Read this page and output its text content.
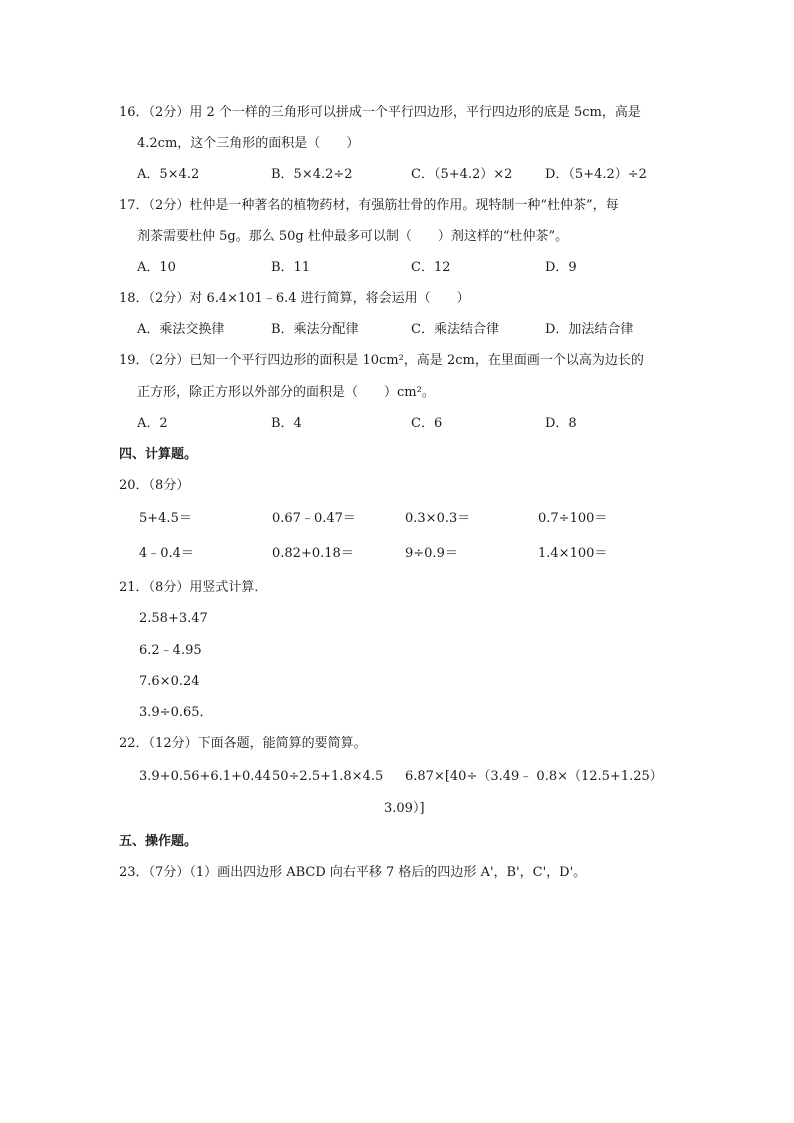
16．（2分）用 2 个一样的三角形可以拼成一个平行四边形，平行四边形的底是 5cm，高是
4.2cm，这个三角形的面积是（　　）
A．5×4.2	B．5×4.2÷2	C．（5+4.2）×2	D．（5+4.2）÷2
17．（2分）杜仲是一种著名的植物药材，有强筋壮骨的作用。现特制一种“杜仲茶”，每
剂茶需要杜仲 5g。那么 50g 杜仲最多可以制（　　）剂这样的“杜仲茶”。
A．10	B．11	C．12	D．9
18．（2分）对 6.4×101﹣6.4 进行简算，将会运用（　　）
A．乘法交换律	B．乘法分配律	C．乘法结合律	D．加法结合律
19．（2分）已知一个平行四边形的面积是 10cm²，高是 2cm，在里面画一个以高为边长的
正方形，除正方形以外部分的面积是（　　）cm²。
A．2	B．4	C．6	D．8
四、计算题。
20．（8分）
5+4.5＝	0.67﹣0.47＝	0.3×0.3＝	0.7÷100＝
4﹣0.4＝	0.82+0.18＝	9÷0.9＝	1.4×100＝
21．（8分）用竖式计算．
2.58+3.47
6.2﹣4.95
7.6×0.24
3.9÷0.65．
22．（12分）下面各题，能简算的要简算。
3.9+0.56+6.1+0.44 50÷2.5+1.8×4.5 6.87×[40÷（3.49﹣ 0.8×（12.5+1.25）
3.09）]
五、操作题。
23．（7分）（1）画出四边形 ABCD 向右平移 7 格后的四边形 A'，B'，C'，D'。
